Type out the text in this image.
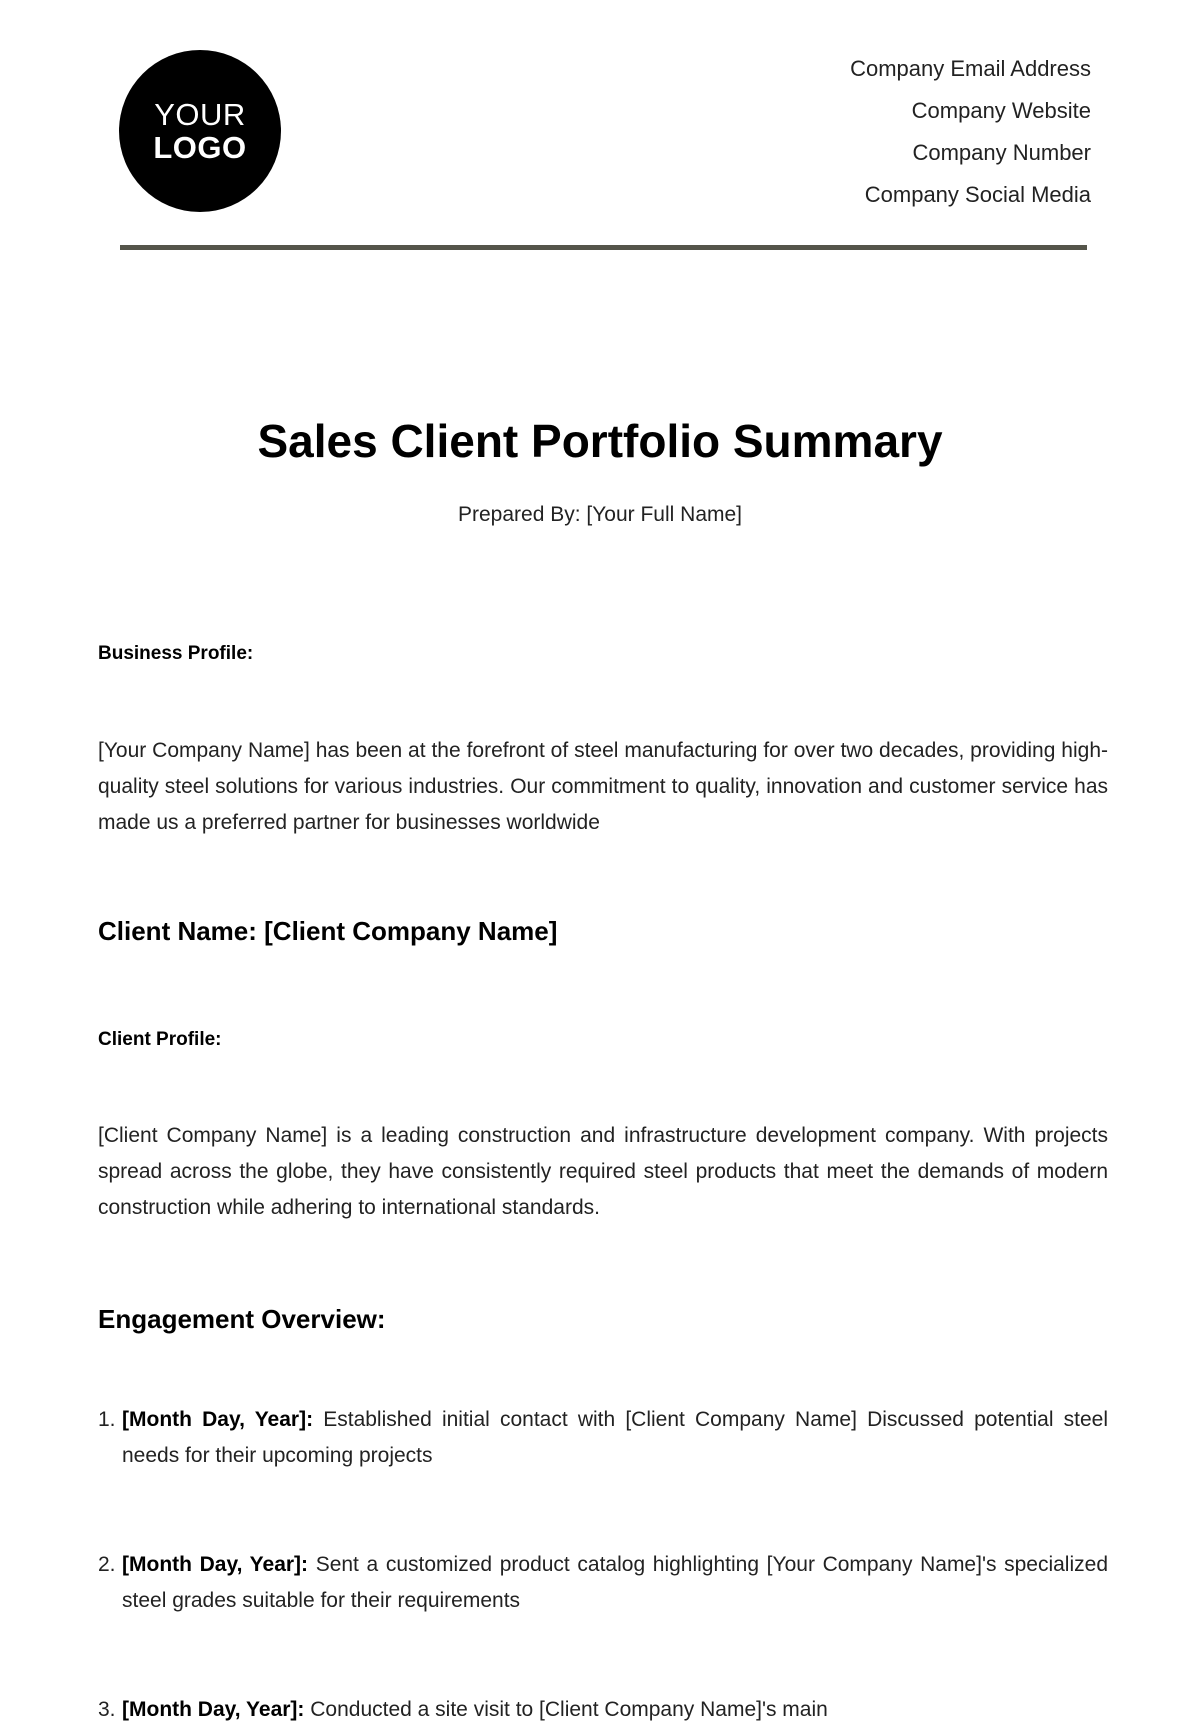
YOUR
LOGO
Company Email Address
Company Website
Company Number
Company Social Media
Sales Client Portfolio Summary
Prepared By: [Your Full Name]
Business Profile:
[Your Company Name] has been at the forefront of steel manufacturing for over two decades, providing high-quality steel solutions for various industries. Our commitment to quality, innovation and customer service has made us a preferred partner for businesses worldwide
Client Name: [Client Company Name]
Client Profile:
[Client Company Name] is a leading construction and infrastructure development company. With projects spread across the globe, they have consistently required steel products that meet the demands of modern construction while adhering to international standards.
Engagement Overview:
1. [Month Day, Year]: Established initial contact with [Client Company Name] Discussed potential steel needs for their upcoming projects
2. [Month Day, Year]: Sent a customized product catalog highlighting [Your Company Name]'s specialized steel grades suitable for their requirements
3. [Month Day, Year]: Conducted a site visit to [Client Company Name]'s main
